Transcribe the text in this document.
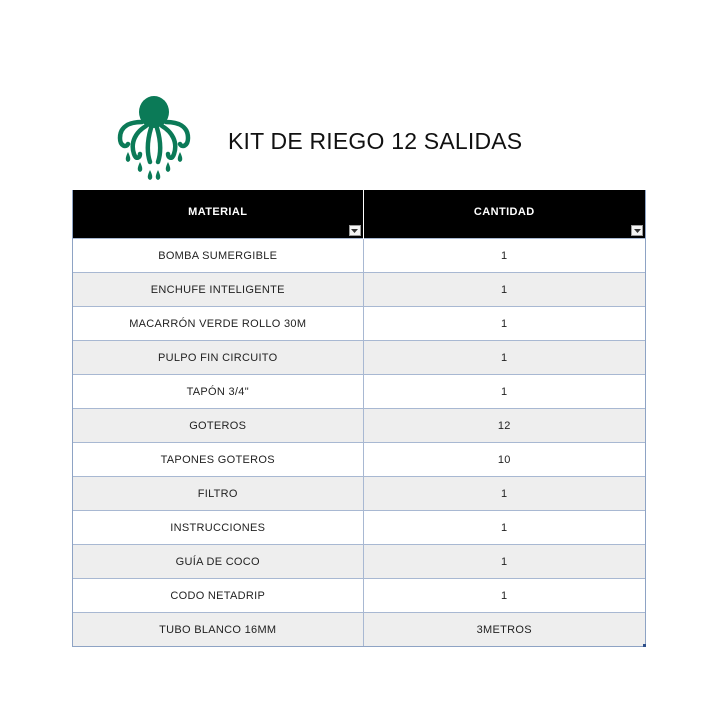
KIT DE RIEGO 12 SALIDAS
MATERIAL	CANTIDAD

BOMBA SUMERGIBLE	1
ENCHUFE INTELIGENTE	1
MACARRÓN VERDE ROLLO 30M	1
PULPO FIN CIRCUITO	1
TAPÓN 3/4"	1
GOTEROS	12
TAPONES GOTEROS	10
FILTRO	1
INSTRUCCIONES	1
GUÍA DE COCO	1
CODO NETADRIP	1
TUBO BLANCO 16MM	3METROS
